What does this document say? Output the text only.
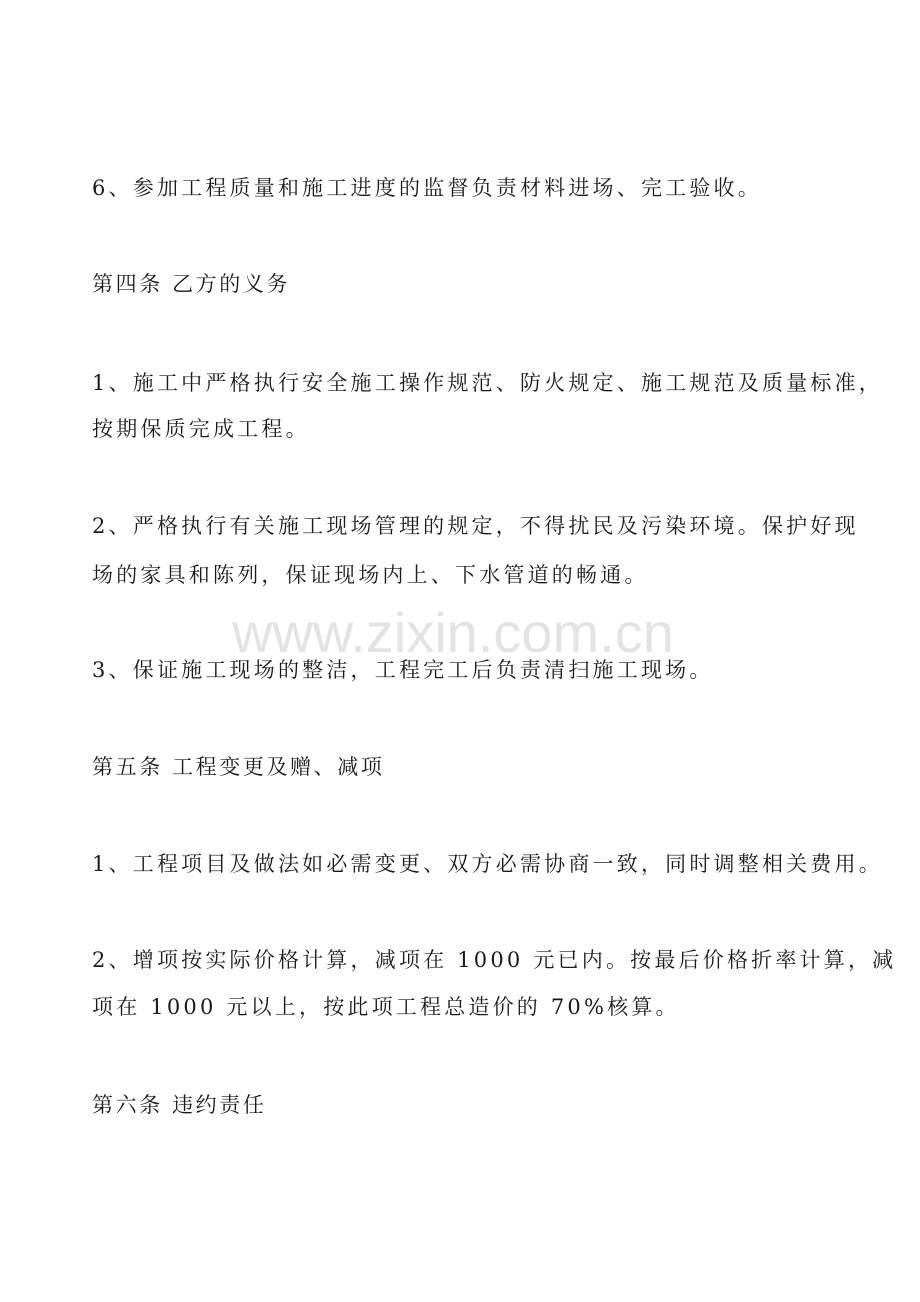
www.zixin.com.cn
6、参加工程质量和施工进度的监督负责材料进场、完工验收。
第四条 乙方的义务
1、施工中严格执行安全施工操作规范、防火规定、施工规范及质量标准，
按期保质完成工程。
2、严格执行有关施工现场管理的规定，不得扰民及污染环境。保护好现
场的家具和陈列，保证现场内上、下水管道的畅通。
3、保证施工现场的整洁，工程完工后负责清扫施工现场。
第五条 工程变更及赠、减项
1、工程项目及做法如必需变更、双方必需协商一致，同时调整相关费用。
2、增项按实际价格计算，减项在 1000 元已内。按最后价格折率计算，减
项在 1000 元以上，按此项工程总造价的 70%核算。
第六条 违约责任
